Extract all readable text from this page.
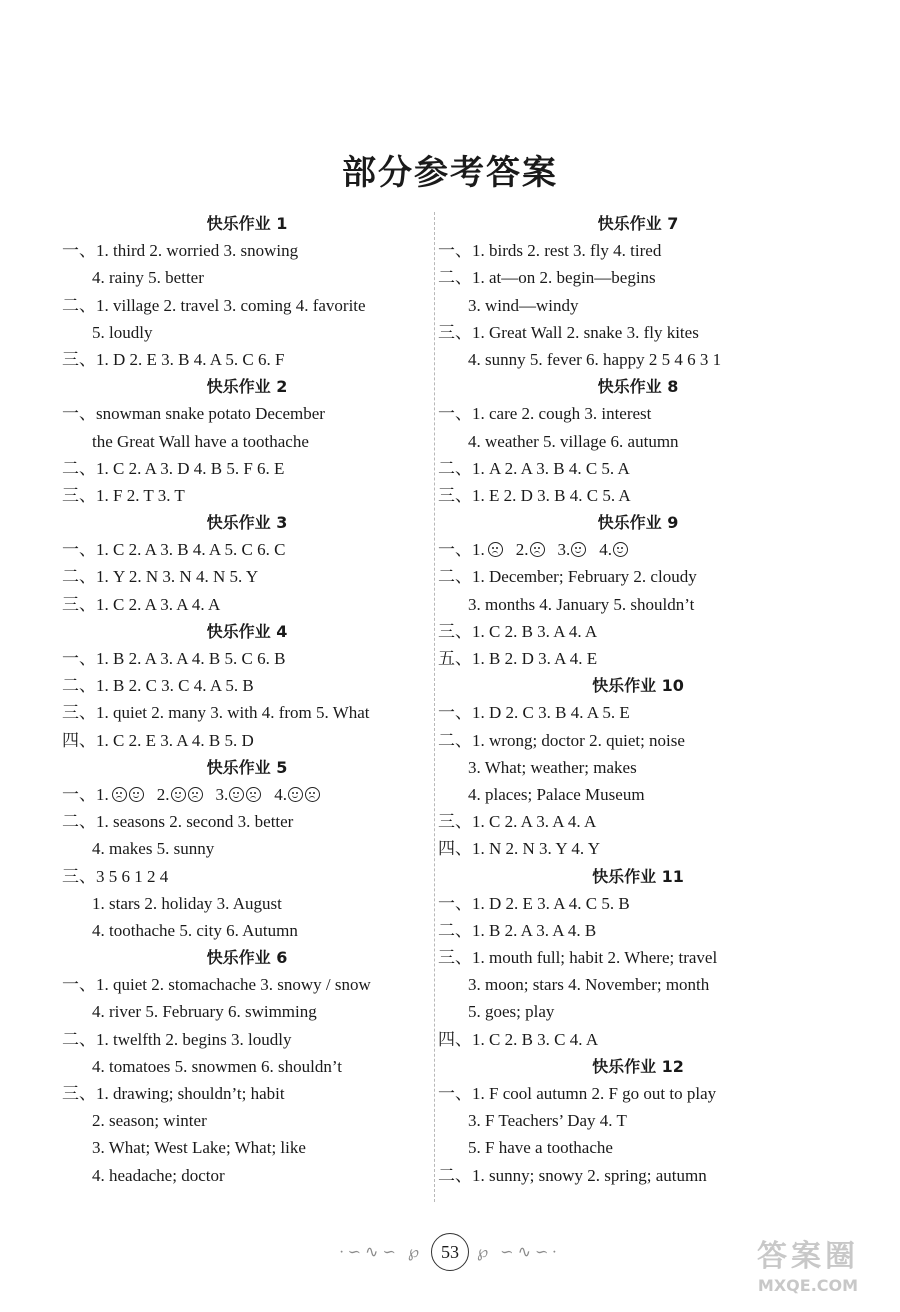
部分参考答案
快乐作业 1
一、1. third 2. worried 3. snowing
4. rainy 5. better
二、1. village 2. travel 3. coming 4. favorite
5. loudly
三、1. D 2. E 3. B 4. A 5. C 6. F
快乐作业 2
一、snowman snake potato December
the Great Wall have a toothache
二、1. C 2. A 3. D 4. B 5. F 6. E
三、1. F 2. T 3. T
快乐作业 3
一、1. C 2. A 3. B 4. A 5. C 6. C
二、1. Y 2. N 3. N 4. N 5. Y
三、1. C 2. A 3. A 4. A
快乐作业 4
一、1. B 2. A 3. A 4. B 5. C 6. B
二、1. B 2. C 3. C 4. A 5. B
三、1. quiet 2. many 3. with 4. from 5. What
四、1. C 2. E 3. A 4. B 5. D
快乐作业 5
一、1.	2.	3.	4.
二、1. seasons 2. second 3. better
4. makes 5. sunny
三、3 5 6 1 2 4
1. stars 2. holiday 3. August
4. toothache 5. city 6. Autumn
快乐作业 6
一、1. quiet 2. stomachache 3. snowy / snow
4. river 5. February 6. swimming
二、1. twelfth 2. begins 3. loudly
4. tomatoes 5. snowmen 6. shouldn’t
三、1. drawing; shouldn’t; habit
2. season; winter
3. What; West Lake; What; like
4. headache; doctor
快乐作业 7
一、1. birds 2. rest 3. fly 4. tired
二、1. at—on 2. begin—begins
3. wind—windy
三、1. Great Wall 2. snake 3. fly kites
4. sunny 5. fever 6. happy 2 5 4 6 3 1
快乐作业 8
一、1. care 2. cough 3. interest
4. weather 5. village 6. autumn
二、1. A 2. A 3. B 4. C 5. A
三、1. E 2. D 3. B 4. C 5. A
快乐作业 9
一、1. 2. 3. 4.
二、1. December; February 2. cloudy
3. months 4. January 5. shouldn’t
三、1. C 2. B 3. A 4. A
五、1. B 2. D 3. A 4. E
快乐作业 10
一、1. D 2. C 3. B 4. A 5. E
二、1. wrong; doctor 2. quiet; noise
3. What; weather; makes
4. places; Palace Museum
三、1. C 2. A 3. A 4. A
四、1. N 2. N 3. Y 4. Y
快乐作业 11
一、1. D 2. E 3. A 4. C 5. B
二、1. B 2. A 3. A 4. B
三、1. mouth full; habit 2. Where; travel
3. moon; stars 4. November; month
5. goes; play
四、1. C 2. B 3. C 4. A
快乐作业 12
一、1. F cool autumn 2. F go out to play
3. F Teachers’ Day 4. T
5. F have a toothache
二、1. sunny; snowy 2. spring; autumn
∙∽∿∽ ℘	53	℘ ∽∿∽∙	答案圈
MXQE.COM
